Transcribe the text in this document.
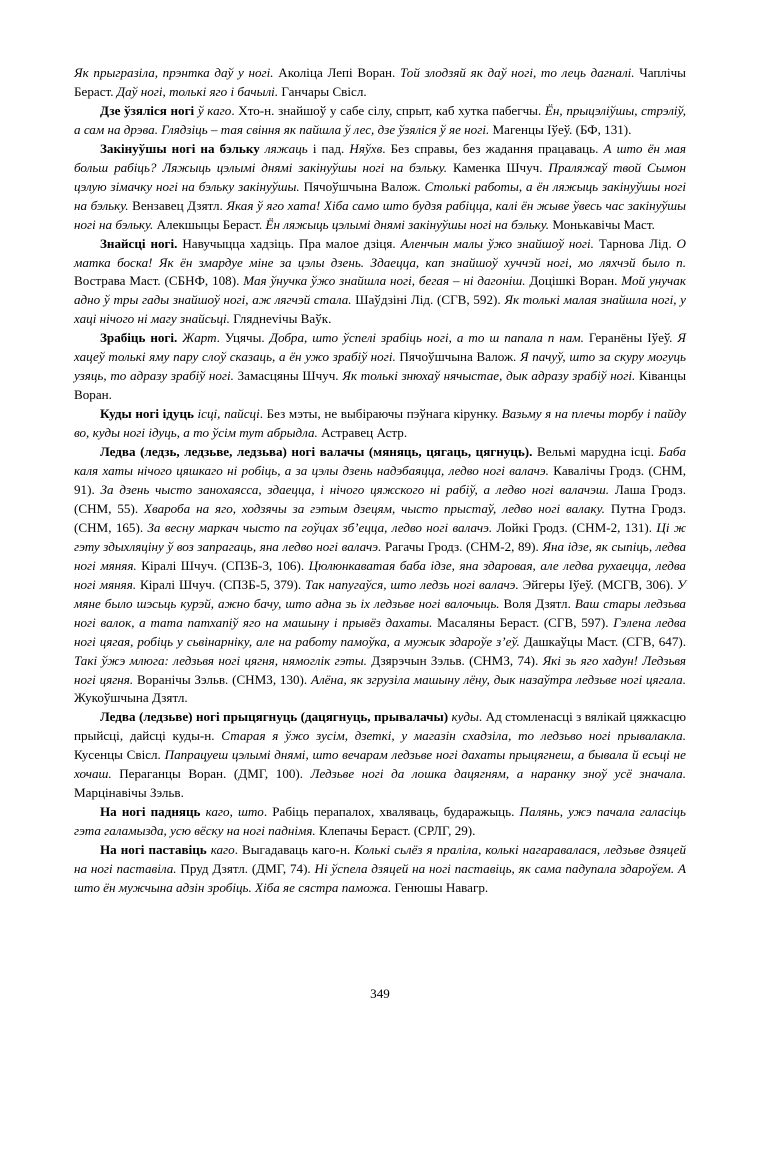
Як прыгразіла, прэнтка даў у ногі. Аколіца Лепі Воран. Той злодзяй як даў ногі, то лець дагналі. Чаплічы Бераст. Даў ногі, толькі яго і бачылі. Ганчары Свісл.

Дзе ўзяліся ногі ў каго. Хто-н. знайшоў у сабе сілу, спрыт, каб хутка пабегчы. Ён, прыцэліўшы, стрэліў, а сам на дрэва. Глядзіць – тая свіння як пайшла ў лес, дзе ўзяліся ў яе ногі. Магенцы Іўеў. (БФ, 131).

Закінуўшы ногі на бэльку ляжаць і пад. Няўхв. Без справы, без жадання працаваць. А што ён мая больш рабіць? Ляжыць цэлымі днямі закінуўшы ногі на бэльку. Каменка Шчуч. Праляжаў твой Сымон цэлую зімачку ногі на бэльку закінуўшы. Пячоўшчына Валож. Столькі работы, а ён ляжыць закінуўшы ногі на бэльку. Вензавец Дзятл. Якая ў яго хата! Хіба само што будзя рабіцца, калі ён жыве ўвесь час закінуўшы ногі на бэльку. Алекшыцы Бераст. Ён ляжыць цэлымі днямі закінуўшы ногі на бэльку. Монькавічы Маст.

Знайсці ногі. Навучыцца хадзіць. Пра малое дзіця. Аленчын малы ўжо знайшоў ногі. Тарнова Лід. О матка боска! Як ён змардуе міне за цэлы дзень. Здаецца, кап знайшоў хуччэй ногі, мо ляхчэй было п. Вострава Маст. (СБНФ, 108). Мая ўнучка ўжо знайшла ногі, бегая – ні дагоніш. Доцішкі Воран. Мой унучак адно ў тры гады знайшоў ногі, аж лягчэй стала. Шаўдзіні Лід. (СГВ, 592). Як толькі малая знайшла ногі, у хаці нічого ні магу знайсьці. Гляднevічы Ваўк.

Зрабіць ногі. Жарт. Уцячы. Добра, што ўспелі зрабіць ногі, а то ш папала п нам. Геранёны Іўеў. Я хацеў толькі яму пару слоў сказаць, а ён ужо зрабіў ногі. Пячоўшчына Валож. Я пачуў, што за скуру могуць узяць, то адразу зрабіў ногі. Замасцяны Шчуч. Як толькі знюхаў нячыстае, дык адразу зрабіў ногі. Ківанцы Воран.

Куды ногі ідуць ісці, пайсці. Без мэты, не выбіраючы пэўнага кірунку. Вазьму я на плечы торбу і пайду во, куды ногі ідуць, а то ўсім тут абрыдла. Астравец Астр.

Ледва (ледзь, ледзьве, ледзьва) ногі валачы (мяняць, цягаць, цягнуць). Вельмі марудна ісці. Баба каля хаты нічого цяшкаго ні робіць, а за цэлы дзень надэбаяцца, ледво ногі валачэ. Кавалічы Гродз. (СНМ, 91). За дзень чысто занохаясса, здаецца, і нічого цяжского ні рабіў, а ледво ногі валачэш. Лаша Гродз. (СНМ, 55). Хвароба на яго, ходзячы за гэтым дзецям, чысто прыстаў, ледво ногі валаку. Путна Гродз. (СНМ, 165). За весну маркач чысто па гоўцах зб’ецца, ледво ногі валачэ. Лойкі Гродз. (СНМ-2, 131). Ці ж гэту здыхляціну ў воз запрагаць, яна ледво ногі валачэ. Рагачы Гродз. (СНМ-2, 89). Яна ідзе, як сыпіць, ледва ногі мяняя. Кіралі Шчуч. (СПЗБ-3, 106). Цюлюнкаватая баба ідзе, яна здаровая, але ледва рухаецца, ледва ногі мяняя. Кіралі Шчуч. (СПЗБ-5, 379). Так напугаўся, што ледзь ногі валачэ. Эйгеры Іўеў. (МСГВ, 306). У мяне было шэсьць курэй, ажно бачу, што адна зь іх ледзьве ногі валочыць. Воля Дзятл. Ваш стары ледзьва ногі валок, а тата патхапіў яго на машыну і прывёз дахаты. Масаляны Бераст. (СГВ, 597). Гэлена ледва ногі цягая, робіць у сьвінарніку, але на работу памоўка, а мужык здароўе з’еў. Дашкаўцы Маст. (СГВ, 647). Такі ўжэ млюга: ледзьвя ногі цягня, нямоглік гэты. Дзярэчын Зэльв. (СНМЗ, 74). Які зь яго хадун! Ледзьвя ногі цягня. Воранічы Зэльв. (СНМЗ, 130). Алёна, як згрузіла машыну лёну, дык назаўтра ледзьве ногі цягала. Жукоўшчына Дзятл.

Ледва (ледзьве) ногі прыцягнуць (дацягнуць, прывалачы) куды. Ад стомленасці з вялікай цяжкасцю прыйсці, дайсці куды-н. Старая я ўжо зусім, дзеткі, у магазін схадзіла, то ледзьво ногі прывалакла. Кусенцы Свісл. Папрацуеш цэлымі днямі, што вечарам ледзьве ногі дахаты прыцягнеш, а бывала й есьці не хочаш. Пераганцы Воран. (ДМГ, 100). Ледзьве ногі да лошка дацягням, а наранку зноў усё значала. Марцінавічы Зэльв.

На ногі падняць каго, што. Рабіць перапалох, хваляваць, бударажыць. Палянь, ужэ пачала галасіць гэта галамызда, усю вёску на ногі паднімя. Клепачы Бераст. (СРЛГ, 29).

На ногі паставіць каго. Выгадаваць каго-н. Колькі сьлёз я праліла, колькі нагаравалася, ледзьве дзяцей на ногі паставіла. Пруд Дзятл. (ДМГ, 74). Ні ўспела дзяцей на ногі паставіць, як сама падупала здароўем. А што ён мужчына адзін зробіць. Хіба яе сястра паможа. Генюшы Навагр.

349
